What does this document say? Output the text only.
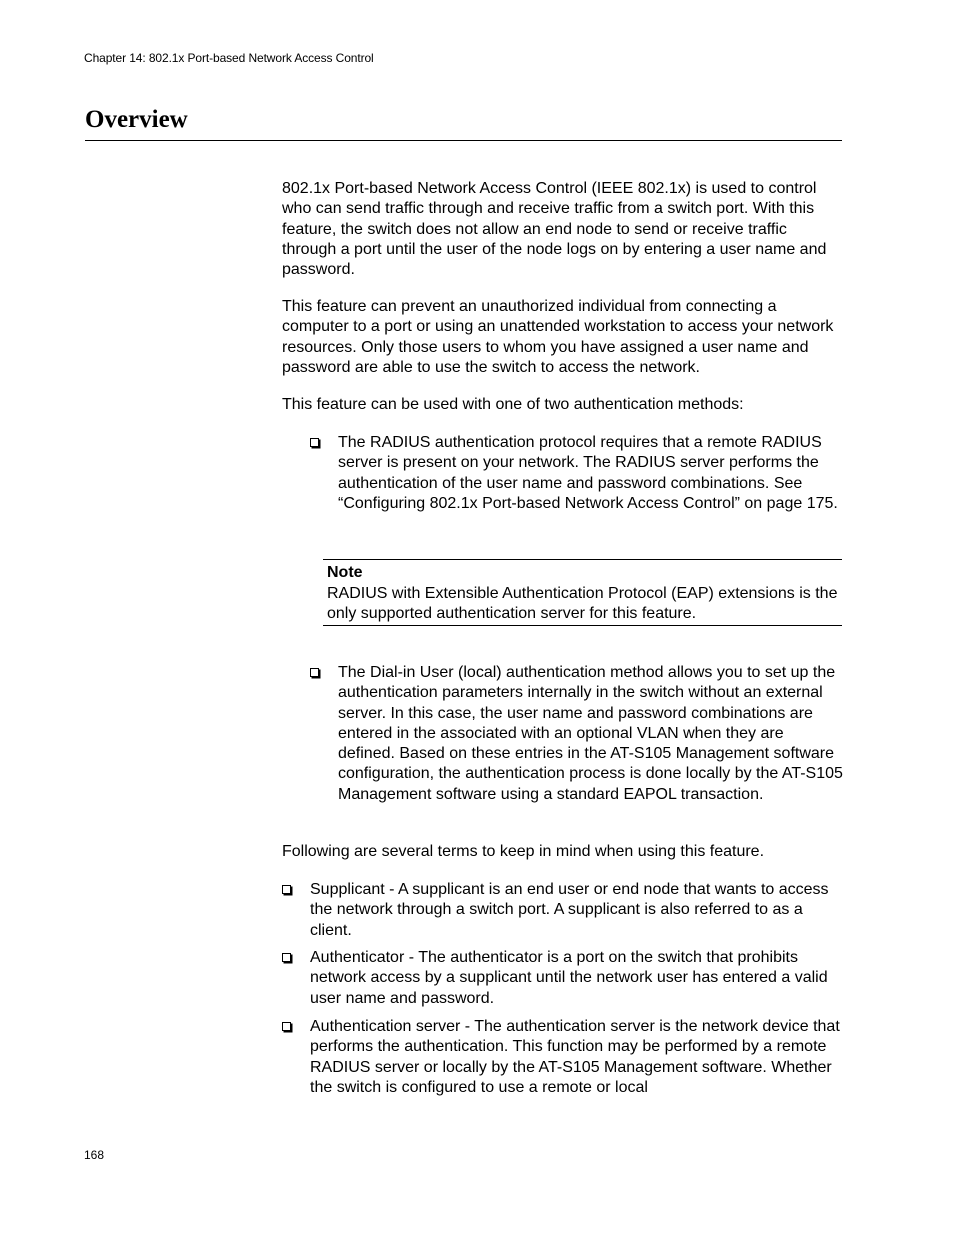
Chapter 14: 802.1x Port-based Network Access Control
Overview

802.1x Port-based Network Access Control (IEEE 802.1x) is used to control who can send traffic through and receive traffic from a switch port. With this feature, the switch does not allow an end node to send or receive traffic through a port until the user of the node logs on by entering a user name and password.

This feature can prevent an unauthorized individual from connecting a computer to a port or using an unattended workstation to access your network resources. Only those users to whom you have assigned a user name and password are able to use the switch to access the network.

This feature can be used with one of two authentication methods:

The RADIUS authentication protocol requires that a remote RADIUS server is present on your network. The RADIUS server performs the authentication of the user name and password combinations. See “Configuring 802.1x Port-based Network Access Control” on page 175.
Note
RADIUS with Extensible Authentication Protocol (EAP) extensions is the only supported authentication server for this feature.
The Dial-in User (local) authentication method allows you to set up the authentication parameters internally in the switch without an external server. In this case, the user name and password combinations are entered in the associated with an optional VLAN when they are defined. Based on these entries in the AT-S105 Management software configuration, the authentication process is done locally by the AT-S105 Management software using a standard EAPOL transaction.

Following are several terms to keep in mind when using this feature.

Supplicant - A supplicant is an end user or end node that wants to access the network through a switch port. A supplicant is also referred to as a client.
Authenticator - The authenticator is a port on the switch that prohibits network access by a supplicant until the network user has entered a valid user name and password.
Authentication server - The authentication server is the network device that performs the authentication. This function may be performed by a remote RADIUS server or locally by the AT-S105 Management software. Whether the switch is configured to use a remote or local
168
